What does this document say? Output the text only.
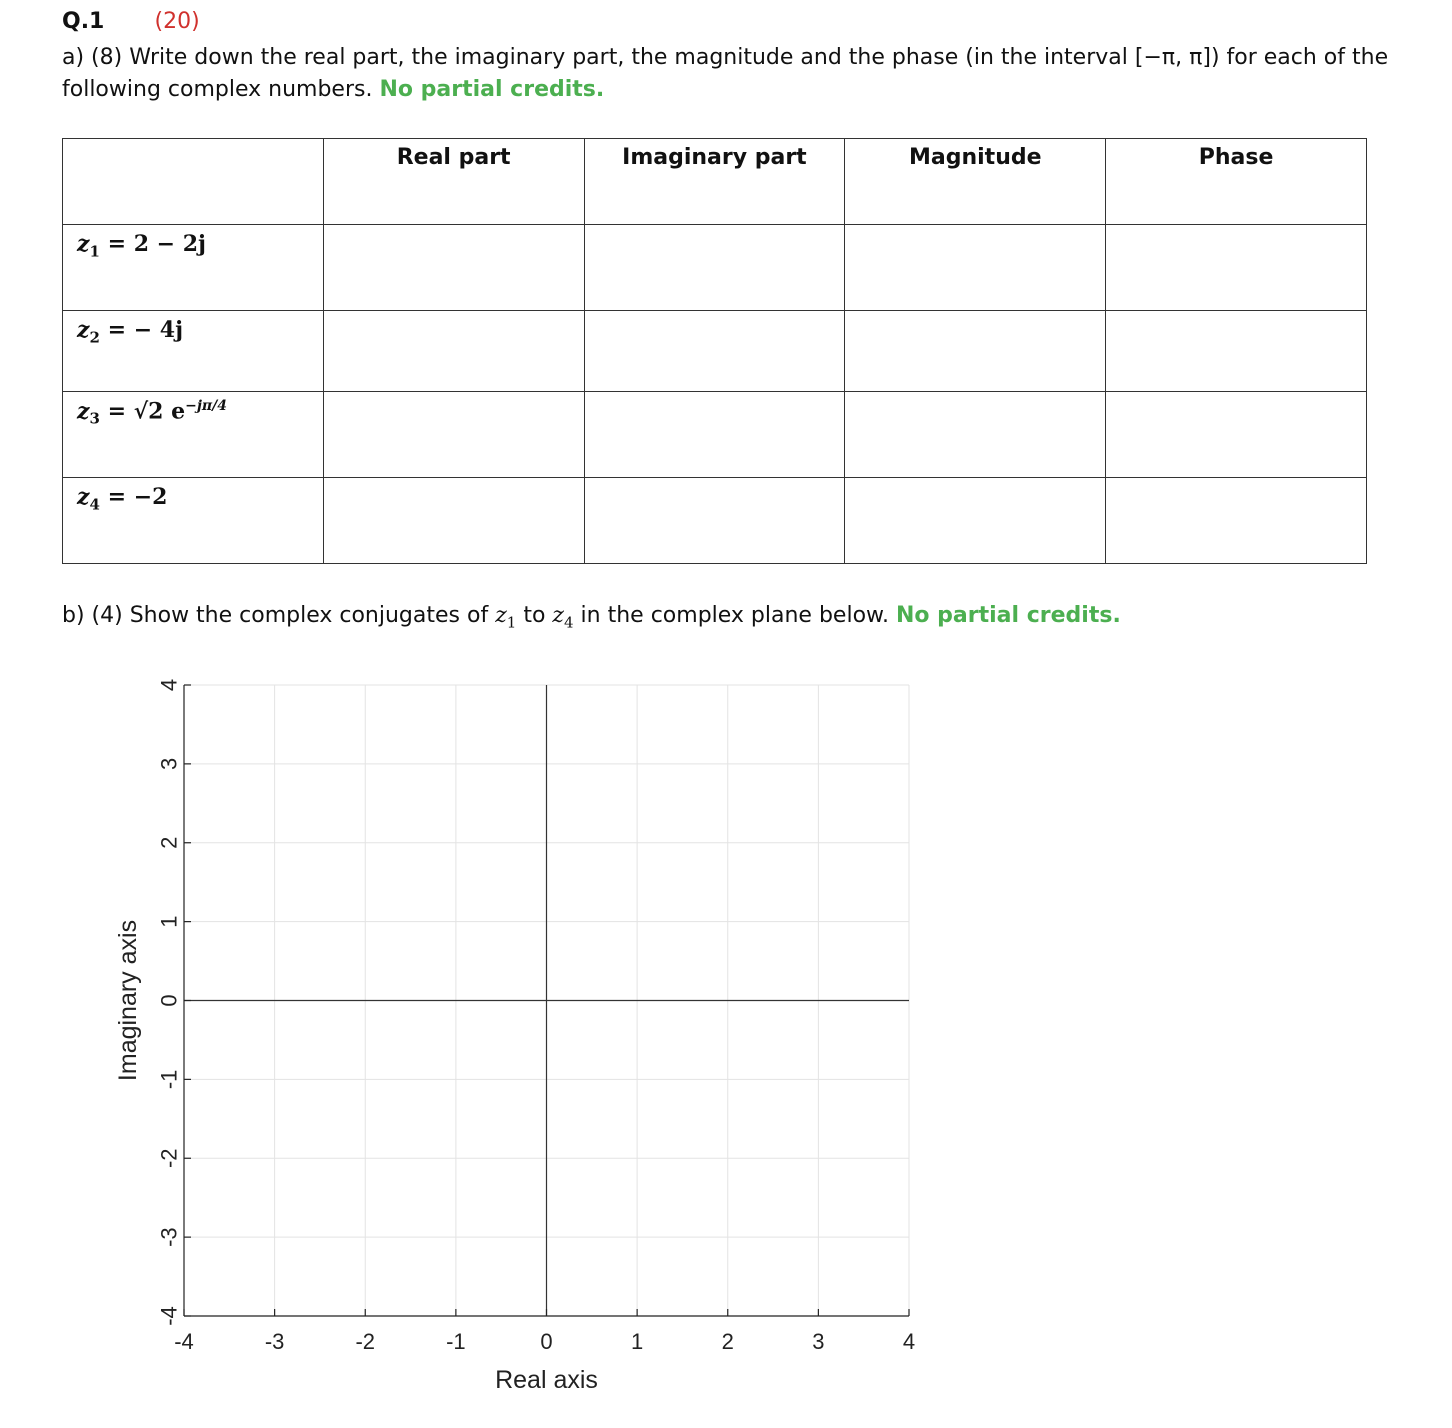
Q.1 (20)
a) (8) Write down the real part, the imaginary part, the magnitude and the phase (in the interval [−π, π]) for each of the following complex numbers. No partial credits.
	Real part	Imaginary part	Magnitude	Phase
$z_1 = 2 - 2j$				
$z_2$ = − 4j				
$z_3 = √2$ $e^{-j\pi/4}$				
$z_4 = -2$				
b) (4) Show the complex conjugates of $z_1$ to $z_4$ in the complex plane below. No partial credits.
-4	-3	-2	-1	0	1	2	3	4
-4
-3
-2
-1
0
1
2
3
4
Real axis
Imaginary axis
